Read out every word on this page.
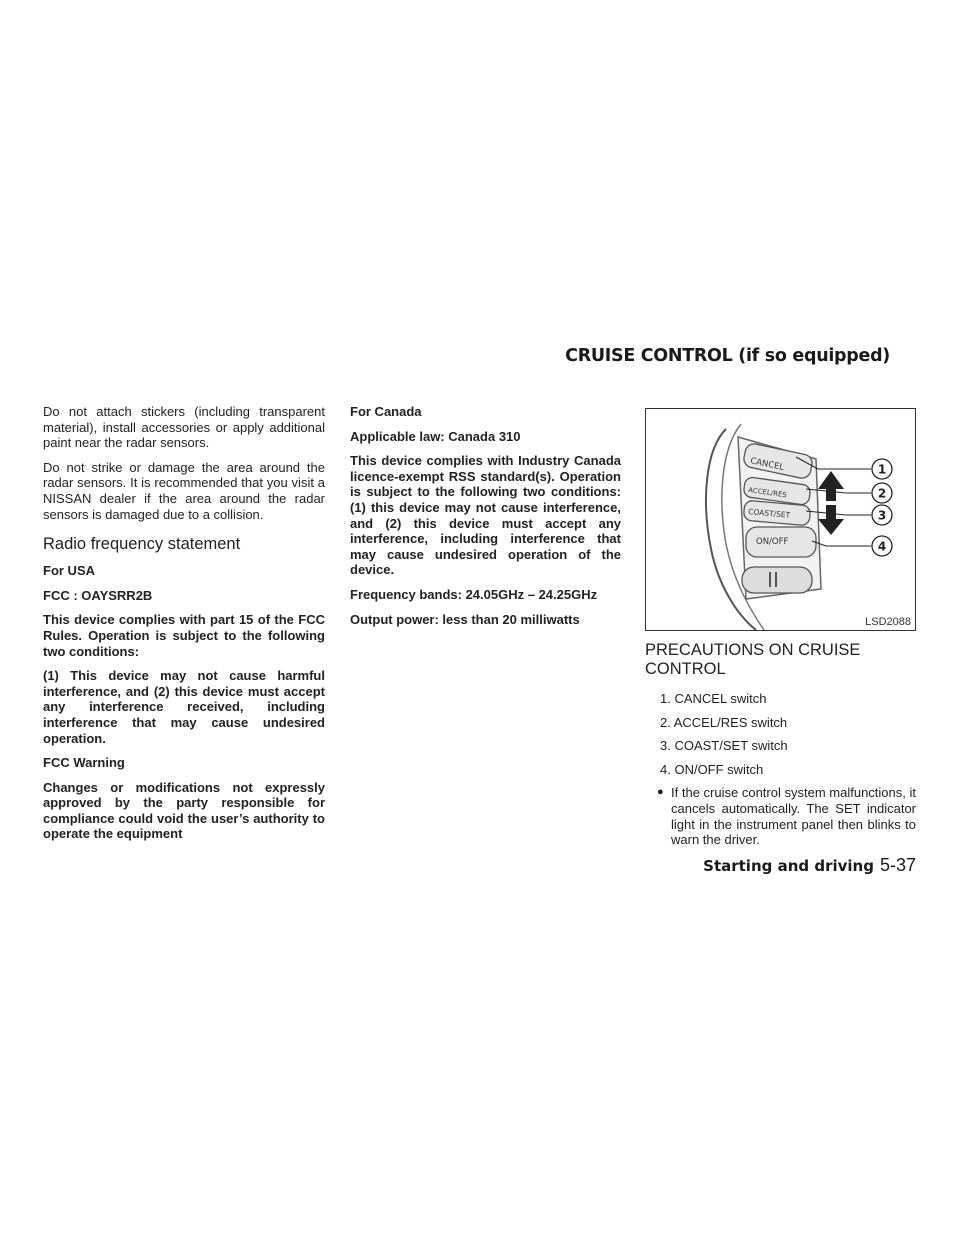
CRUISE CONTROL (if so equipped)

Do not attach stickers (including transparent material), install accessories or apply additional paint near the radar sensors.

Do not strike or damage the area around the radar sensors. It is recommended that you visit a NISSAN dealer if the area around the radar sensors is damaged due to a collision.

Radio frequency statement

For USA

FCC : OAYSRR2B

This device complies with part 15 of the FCC Rules. Operation is subject to the following two conditions:

(1) This device may not cause harmful interference, and (2) this device must accept any interference received, including interference that may cause undesired operation.

FCC Warning

Changes or modifications not expressly approved by the party responsible for compliance could void the user’s authority to operate the equipment

For Canada

Applicable law: Canada 310

This device complies with Industry Canada licence-exempt RSS standard(s). Operation is subject to the following two conditions: (1) this device may not cause interference, and (2) this device must accept any interference, including interference that may cause undesired operation of the device.

Frequency bands: 24.05GHz – 24.25GHz

Output power: less than 20 milliwatts

CANCEL
ACCEL/RES
COAST/SET
ON/OFF
1
2
3
4
LSD2088
PRECAUTIONS ON CRUISE CONTROL
1. CANCEL switch
2. ACCEL/RES switch
3. COAST/SET switch
4. ON/OFF switch
● If the cruise control system malfunctions, it cancels automatically. The SET indicator light in the instrument panel then blinks to warn the driver.
Starting and driving 5-37
